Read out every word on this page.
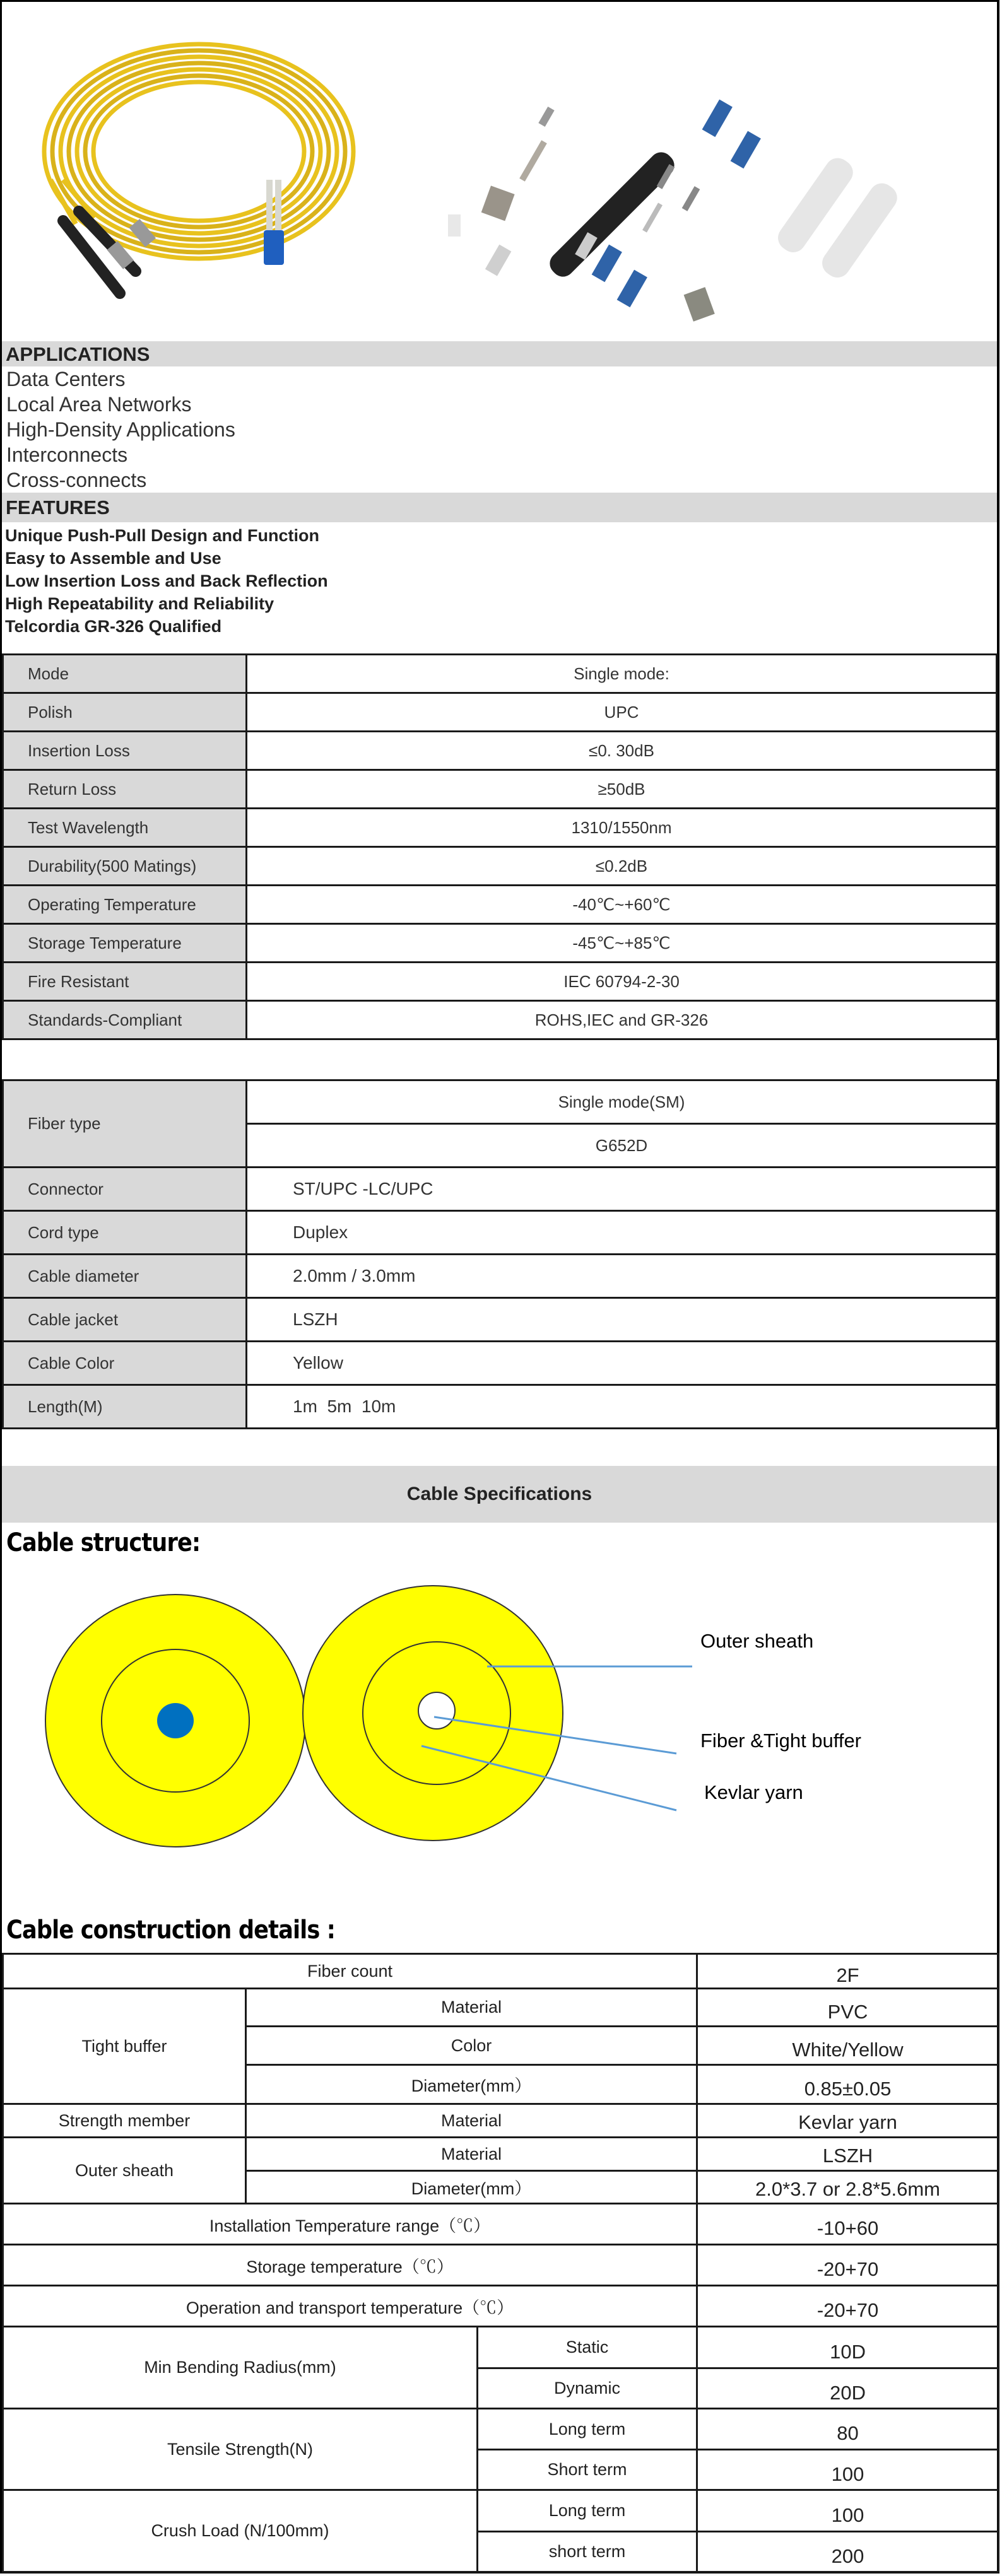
APPLICATIONS
Data Centers
Local Area Networks
High-Density Applications
Interconnects
Cross-connects
FEATURES
Unique Push-Pull Design and Function
Easy to Assemble and Use
Low Insertion Loss and Back Reflection
High Repeatability and Reliability
Telcordia GR-326 Qualified
Mode	Single mode:
Polish	UPC
Insertion Loss	≤0. 30dB
Return Loss	≥50dB
Test Wavelength	1310/1550nm
Durability(500 Matings)	≤0.2dB
Operating Temperature	-40℃~+60℃
Storage Temperature	-45℃~+85℃
Fire Resistant	IEC 60794-2-30
Standards-Compliant	ROHS,IEC and GR-326
Fiber type	Single mode(SM)
	G652D
Connector	ST/UPC -LC/UPC
Cord type	Duplex
Cable diameter	2.0mm / 3.0mm
Cable jacket	LSZH
Cable Color	Yellow
Length(M)	1m  5m  10m
Cable Specifications
Cable structure:
Outer sheath
Fiber &Tight buffer
Kevlar yarn
Cable construction details :
Fiber count			2F
Tight buffer	Material		PVC
	Color		White/Yellow
	Diameter(mm）		0.85±0.05
Strength member	Material		Kevlar yarn
Outer sheath	Material		LSZH
	Diameter(mm）		2.0*3.7 or 2.8*5.6mm
Installation Temperature range（℃）			-10+60
Storage temperature（℃）			-20+70
Operation and transport temperature（℃）			-20+70
Min Bending Radius(mm)		Static	10D
		Dynamic	20D
Tensile Strength(N)		Long term	80
		Short term	100
Crush Load (N/100mm)		Long term	100
		short term	200
